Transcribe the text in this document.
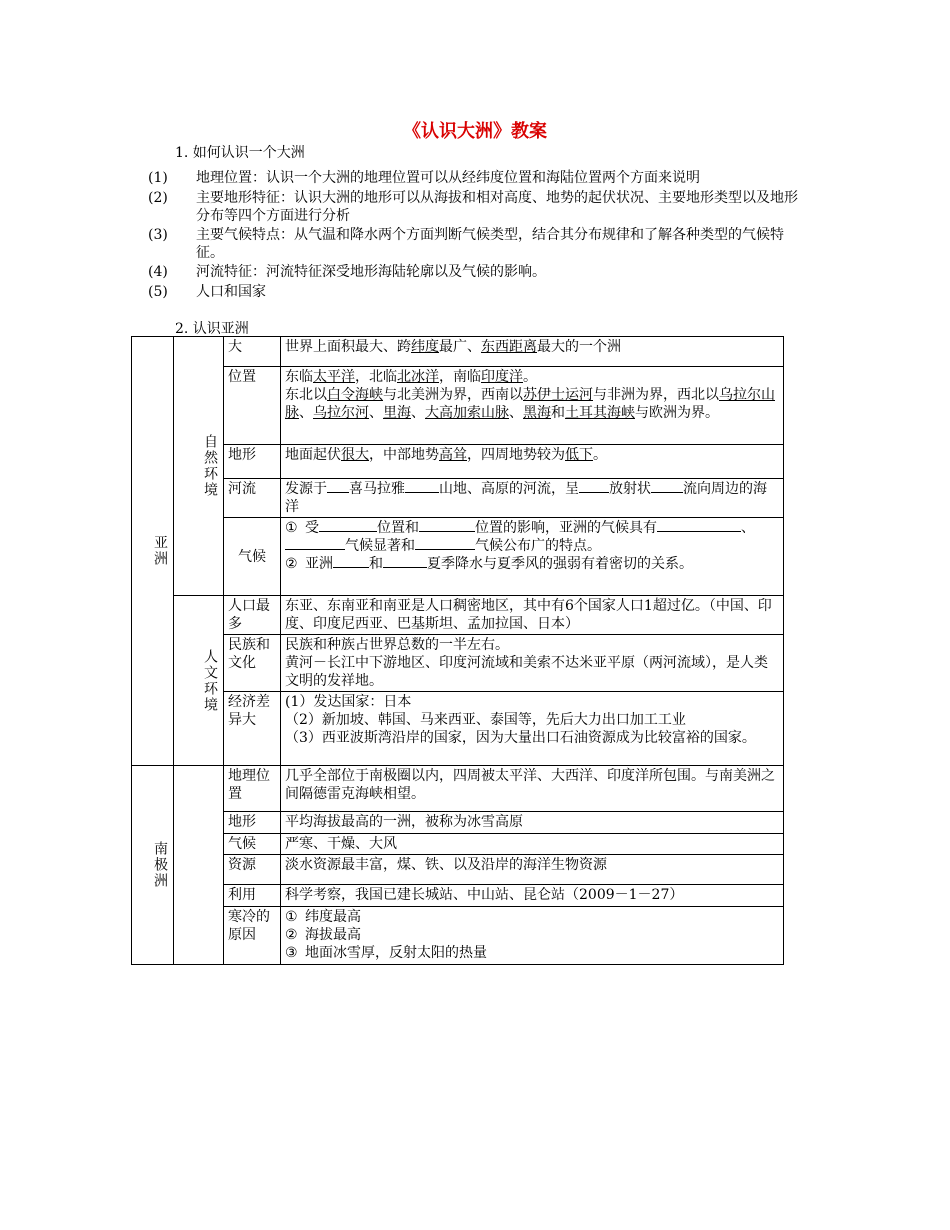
《认识大洲》教案
1. 如何认识一个大洲
(1) 地理位置：认识一个大洲的地理位置可以从经纬度位置和海陆位置两个方面来说明
(2) 主要地形特征：认识大洲的地形可以从海拔和相对高度、地势的起伏状况、主要地形类型以及地形分布等四个方面进行分析
(3) 主要气候特点：从气温和降水两个方面判断气候类型，结合其分布规律和了解各种类型的气候特征。
(4) 河流特征：河流特征深受地形海陆轮廓以及气候的影响。
(5) 人口和国家
2. 认识亚洲
亚洲	自然环境	大	世界上面积最大、跨纬度最广、东西距离最大的一个洲
		位置	东临太平洋，北临北冰洋，南临印度洋。
东北以白令海峡与北美洲为界，西南以苏伊士运河与非洲为界，西北以乌拉尔山脉、乌拉尔河、里海、大高加索山脉、黑海和土耳其海峡与欧洲为界。
		地形	地面起伏很大，中部地势高耸，四周地势较为低下。
		河流	发源于 喜马拉雅 山地、高原的河流，呈 放射状 流向周边的海洋
		气候	① 受 位置和 位置的影响，亚洲的气候具有 、气候显著和 气候公布广的特点。
② 亚洲 和 夏季降水与夏季风的强弱有着密切的关系。
	人文环境	人口最多	东亚、东南亚和南亚是人口稠密地区，其中有6个国家人口1超过亿。（中国、印度、印度尼西亚、巴基斯坦、孟加拉国、日本）
		民族和文化	民族和种族占世界总数的一半左右。
黄河－长江中下游地区、印度河流域和美索不达米亚平原（两河流域），是人类文明的发祥地。
		经济差异大	(1）发达国家：日本
（2）新加坡、韩国、马来西亚、泰国等，先后大力出口加工工业
（3）西亚波斯湾沿岸的国家，因为大量出口石油资源成为比较富裕的国家。
南极洲		地理位置	几乎全部位于南极圈以内，四周被太平洋、大西洋、印度洋所包围。与南美洲之间隔德雷克海峡相望。
		地形	平均海拔最高的一洲，被称为冰雪高原
		气候	严寒、干燥、大风
		资源	淡水资源最丰富，煤、铁、以及沿岸的海洋生物资源
		利用	科学考察，我国已建长城站、中山站、昆仑站（2009－1－27）
		寒冷的原因	① 纬度最高
② 海拔最高
③ 地面冰雪厚，反射太阳的热量
